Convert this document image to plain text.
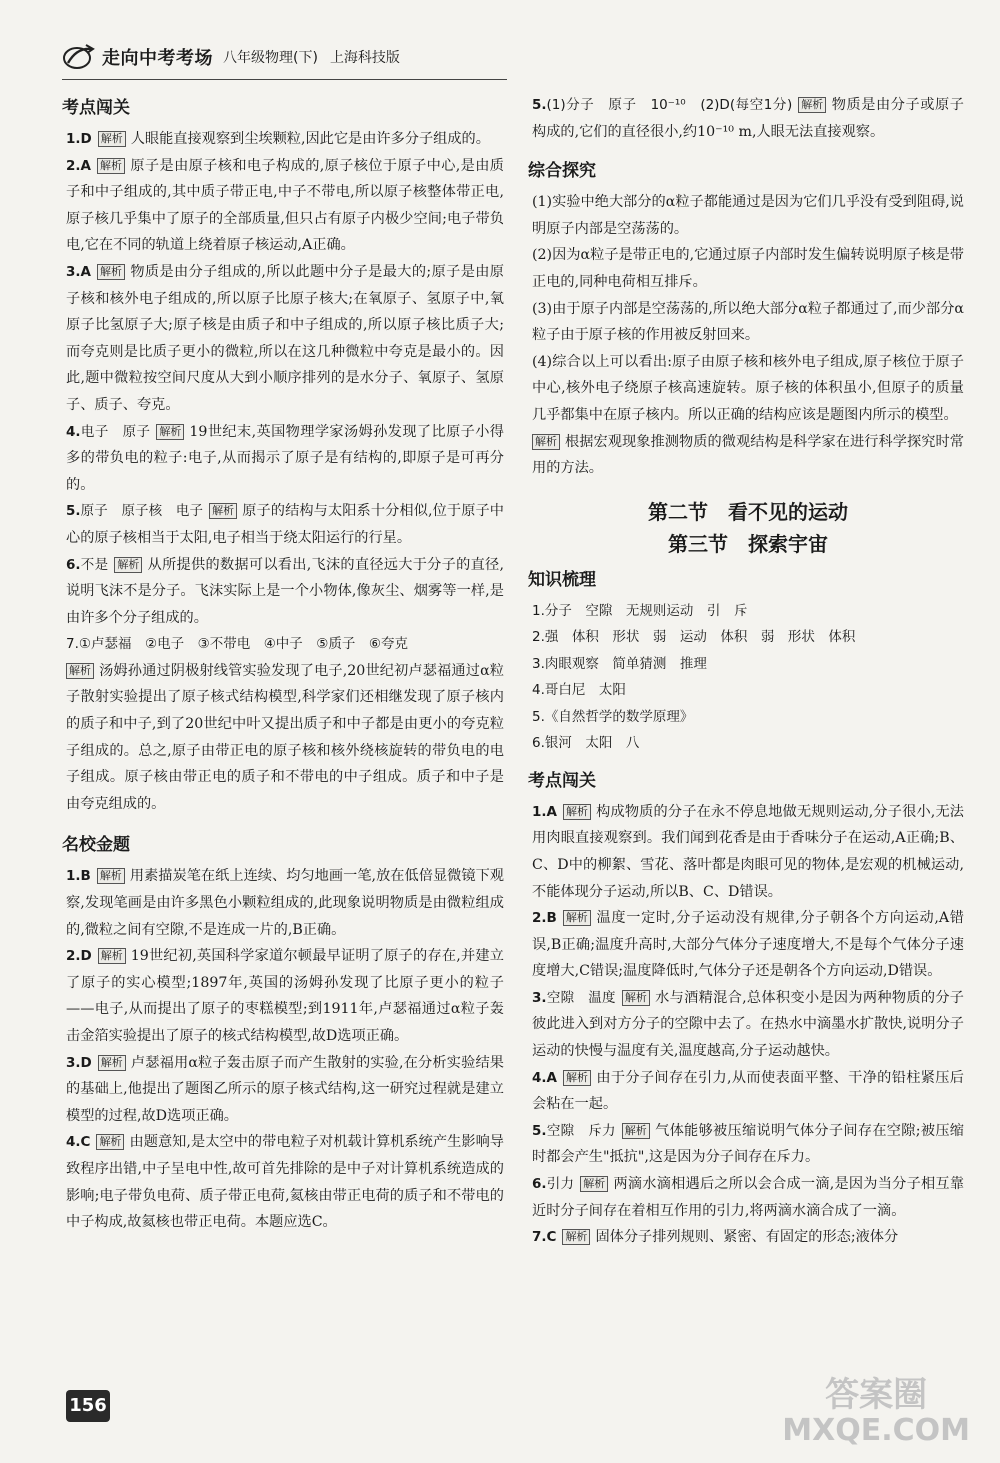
走向中考考场 八年级物理(下) 上海科技版
考点闯关
1.D 解析 人眼能直接观察到尘埃颗粒,因此它是由许多分子组成的。
2.A 解析 原子是由原子核和电子构成的,原子核位于原子中心,是由质子和中子组成的,其中质子带正电,中子不带电,所以原子核整体带正电,原子核几乎集中了原子的全部质量,但只占有原子内极少空间;电子带负电,它在不同的轨道上绕着原子核运动,A正确。
3.A 解析 物质是由分子组成的,所以此题中分子是最大的;原子是由原子核和核外电子组成的,所以原子比原子核大;在氧原子、氢原子中,氧原子比氢原子大;原子核是由质子和中子组成的,所以原子核比质子大;而夸克则是比质子更小的微粒,所以在这几种微粒中夸克是最小的。因此,题中微粒按空间尺度从大到小顺序排列的是水分子、氧原子、氢原子、质子、夸克。
4.电子　原子 解析 19世纪末,英国物理学家汤姆孙发现了比原子小得多的带负电的粒子:电子,从而揭示了原子是有结构的,即原子是可再分的。
5.原子　原子核　电子 解析 原子的结构与太阳系十分相似,位于原子中心的原子核相当于太阳,电子相当于绕太阳运行的行星。
6.不是 解析 从所提供的数据可以看出,飞沫的直径远大于分子的直径,说明飞沫不是分子。飞沫实际上是一个小物体,像灰尘、烟雾等一样,是由许多个分子组成的。
7.①卢瑟福　②电子　③不带电　④中子　⑤质子　⑥夸克
解析 汤姆孙通过阴极射线管实验发现了电子,20世纪初卢瑟福通过α粒子散射实验提出了原子核式结构模型,科学家们还相继发现了原子核内的质子和中子,到了20世纪中叶又提出质子和中子都是由更小的夸克粒子组成的。总之,原子由带正电的原子核和核外绕核旋转的带负电的电子组成。原子核由带正电的质子和不带电的中子组成。质子和中子是由夸克组成的。
名校金题
1.B 解析 用素描炭笔在纸上连续、均匀地画一笔,放在低倍显微镜下观察,发现笔画是由许多黑色小颗粒组成的,此现象说明物质是由微粒组成的,微粒之间有空隙,不是连成一片的,B正确。
2.D 解析 19世纪初,英国科学家道尔顿最早证明了原子的存在,并建立了原子的实心模型;1897年,英国的汤姆孙发现了比原子更小的粒子——电子,从而提出了原子的枣糕模型;到1911年,卢瑟福通过α粒子轰击金箔实验提出了原子的核式结构模型,故D选项正确。
3.D 解析 卢瑟福用α粒子轰击原子而产生散射的实验,在分析实验结果的基础上,他提出了题图乙所示的原子核式结构,这一研究过程就是建立模型的过程,故D选项正确。
4.C 解析 由题意知,是太空中的带电粒子对机载计算机系统产生影响导致程序出错,中子呈电中性,故可首先排除的是中子对计算机系统造成的影响;电子带负电荷、质子带正电荷,氦核由带正电荷的质子和不带电的中子构成,故氦核也带正电荷。本题应选C。
5.(1)分子　原子　10⁻¹⁰　(2)D(每空1分) 解析 物质是由分子或原子构成的,它们的直径很小,约10⁻¹⁰ m,人眼无法直接观察。
综合探究
(1)实验中绝大部分的α粒子都能通过是因为它们几乎没有受到阻碍,说明原子内部是空荡荡的。
(2)因为α粒子是带正电的,它通过原子内部时发生偏转说明原子核是带正电的,同种电荷相互排斥。
(3)由于原子内部是空荡荡的,所以绝大部分α粒子都通过了,而少部分α粒子由于原子核的作用被反射回来。
(4)综合以上可以看出:原子由原子核和核外电子组成,原子核位于原子中心,核外电子绕原子核高速旋转。原子核的体积虽小,但原子的质量几乎都集中在原子核内。所以正确的结构应该是题图内所示的模型。
解析 根据宏观现象推测物质的微观结构是科学家在进行科学探究时常用的方法。
第二节　看不见的运动
第三节　探索宇宙
知识梳理
1.分子　空隙　无规则运动　引　斥
2.强　体积　形状　弱　运动　体积　弱　形状　体积
3.肉眼观察　简单猜测　推理
4.哥白尼　太阳
5.《自然哲学的数学原理》
6.银河　太阳　八
考点闯关
1.A 解析 构成物质的分子在永不停息地做无规则运动,分子很小,无法用肉眼直接观察到。我们闻到花香是由于香味分子在运动,A正确;B、C、D中的柳絮、雪花、落叶都是肉眼可见的物体,是宏观的机械运动,不能体现分子运动,所以B、C、D错误。
2.B 解析 温度一定时,分子运动没有规律,分子朝各个方向运动,A错误,B正确;温度升高时,大部分气体分子速度增大,不是每个气体分子速度增大,C错误;温度降低时,气体分子还是朝各个方向运动,D错误。
3.空隙　温度 解析 水与酒精混合,总体积变小是因为两种物质的分子彼此进入到对方分子的空隙中去了。在热水中滴墨水扩散快,说明分子运动的快慢与温度有关,温度越高,分子运动越快。
4.A 解析 由于分子间存在引力,从而使表面平整、干净的铅柱紧压后会粘在一起。
5.空隙　斥力 解析 气体能够被压缩说明气体分子间存在空隙;被压缩时都会产生"抵抗",这是因为分子间存在斥力。
6.引力 解析 两滴水滴相遇后之所以会合成一滴,是因为当分子相互靠近时分子间存在着相互作用的引力,将两滴水滴合成了一滴。
7.C 解析 固体分子排列规则、紧密、有固定的形态;液体分
156	答案圈
MXQE.COM
